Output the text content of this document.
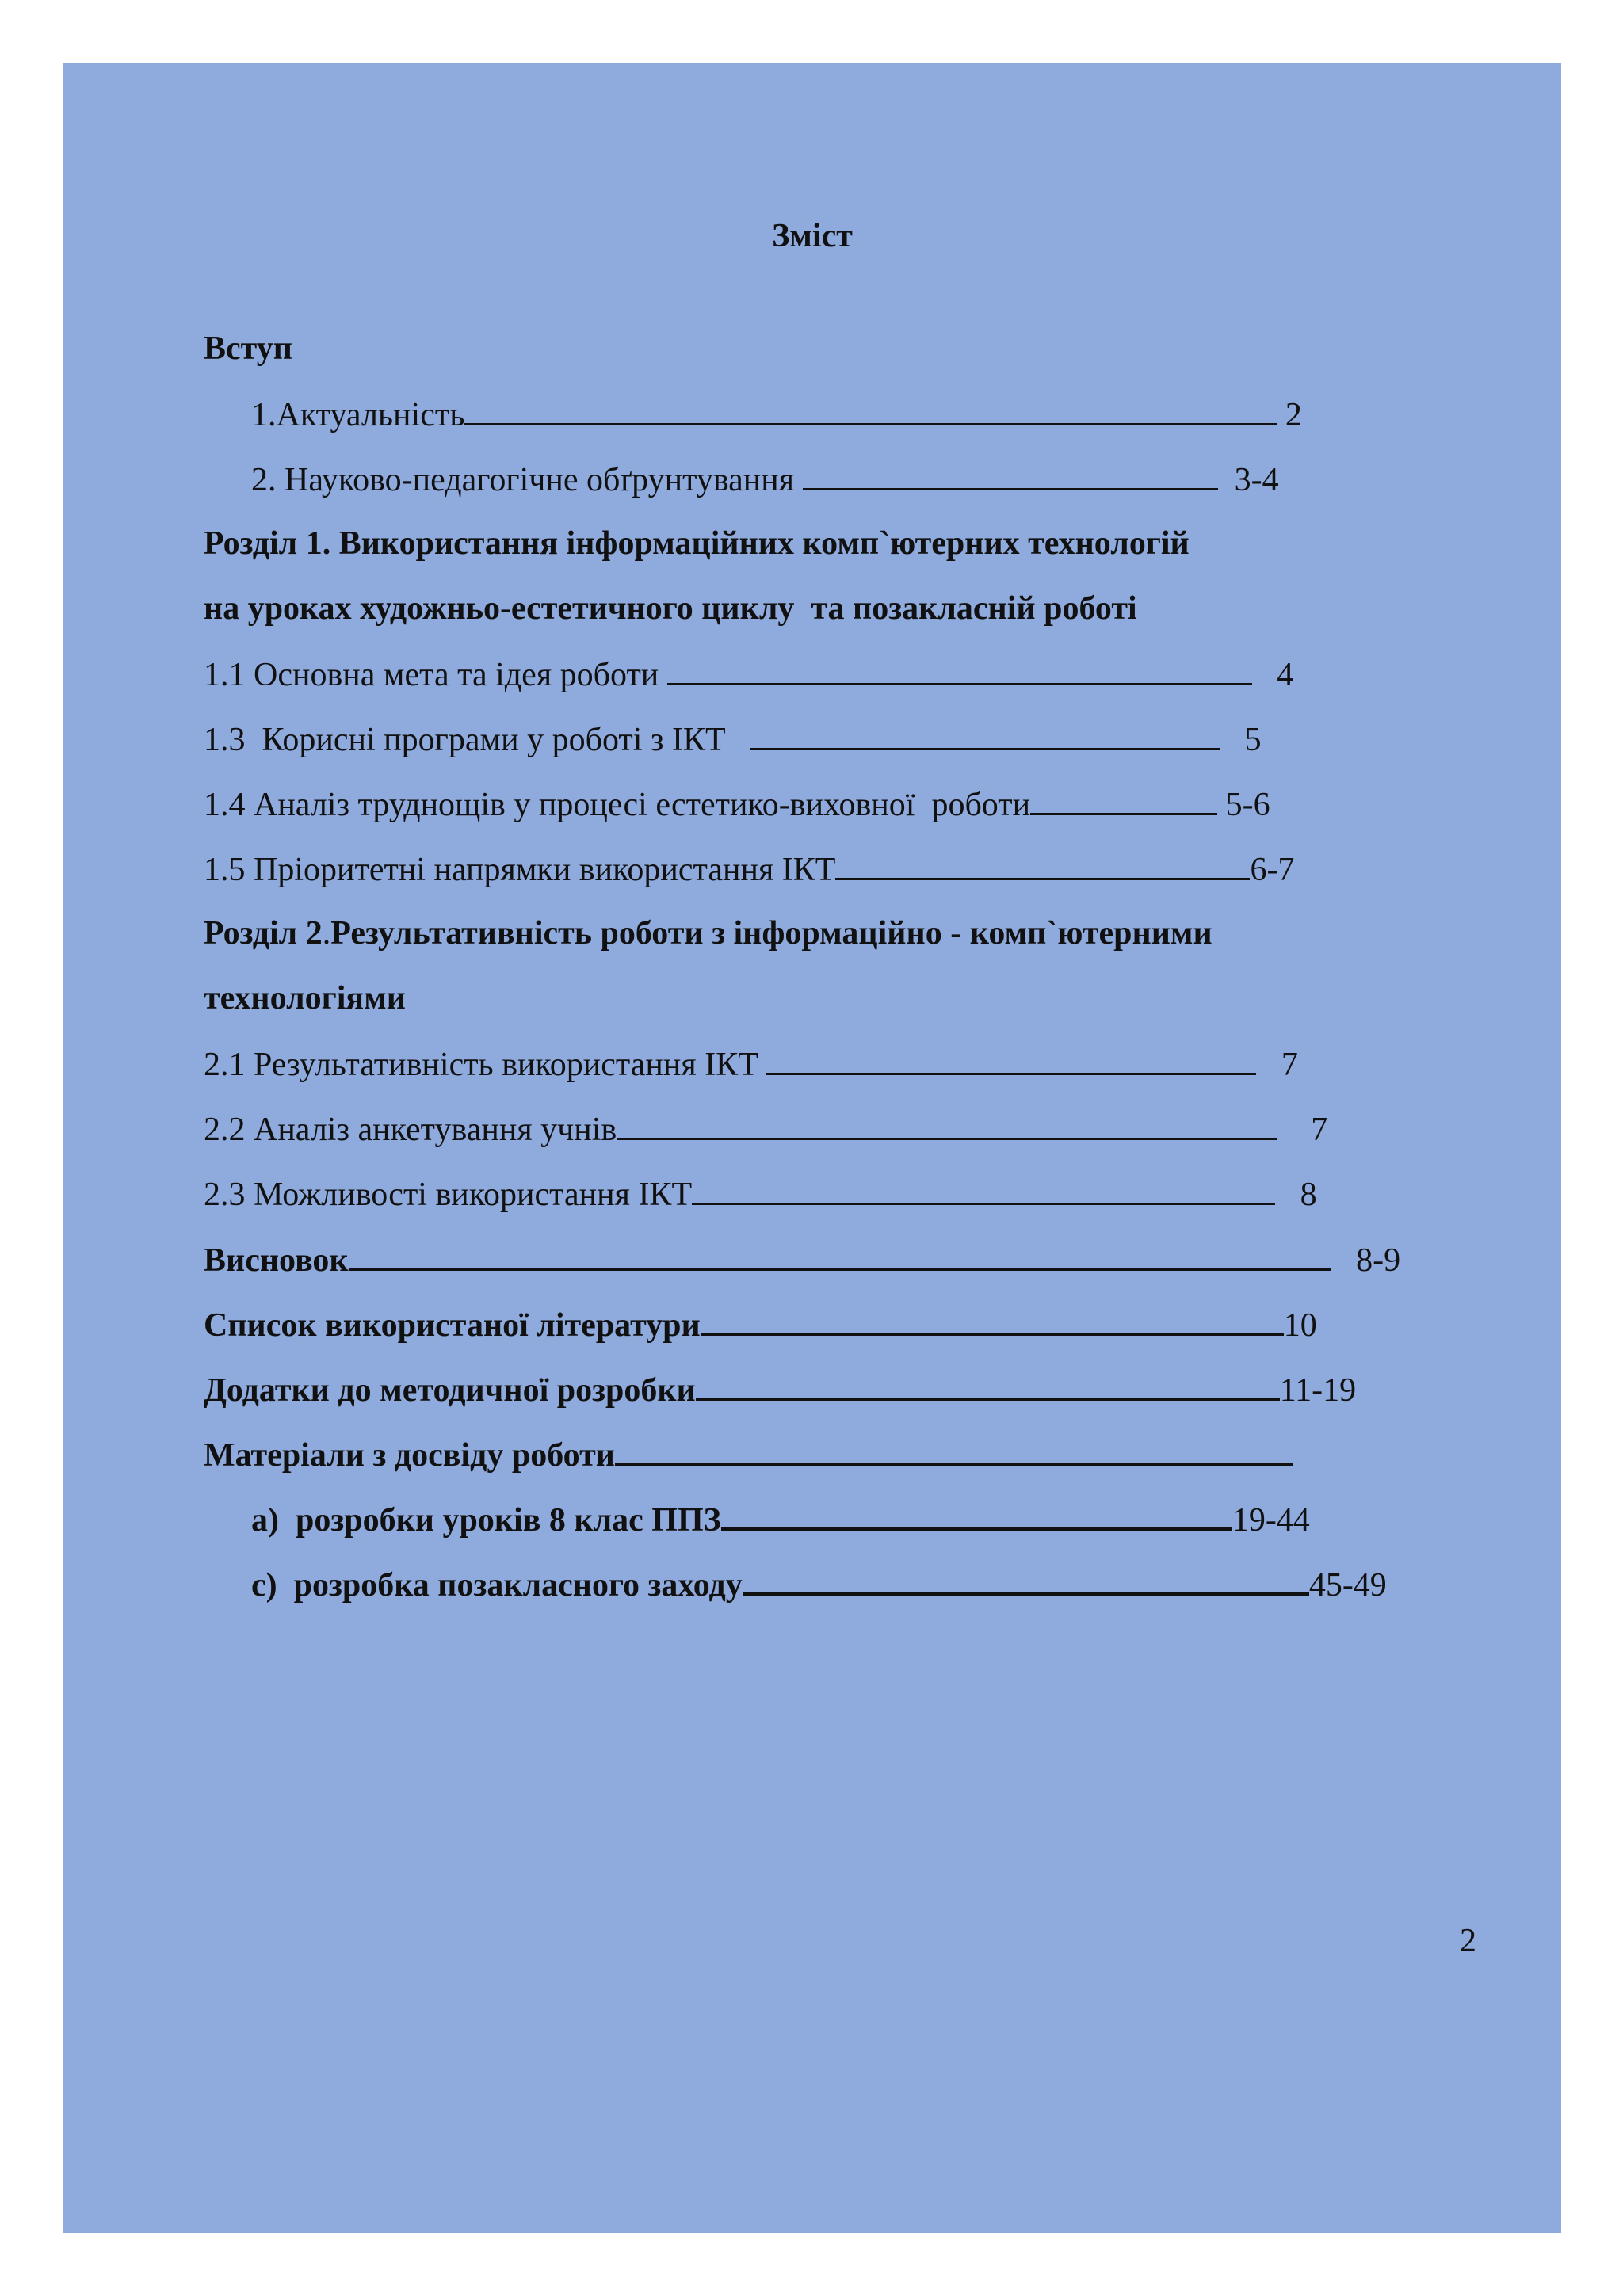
Зміст

Вступ

1.Актуальність	2

2. Науково-педагогічне обґрунтування	3-4

Розділ 1. Використання інформаційних комп`ютерних технологій

на уроках художньо-естетичного циклу  та позакласній роботі

1.1 Основна мета та ідея роботи	4

1.3  Корисні програми у роботі з ІКТ	5

1.4 Аналіз труднощів у процесі естетико-виховної  роботи	5-6

1.5 Пріоритетні напрямки використання ІКТ	6-7

Розділ 2.Результативність роботи з інформаційно - комп`ютерними

технологіями

2.1 Результативність використання ІКТ	7

2.2 Аналіз анкетування учнів	7

2.3 Можливості використання ІКТ	8

Висновок	8-9

Список використаної літератури	10

Додатки до методичної розробки	11-19

Матеріали з досвіду роботи

а)  розробки уроків 8 клас ППЗ	19-44

с)  розробка позакласного заходу	45-49

2
